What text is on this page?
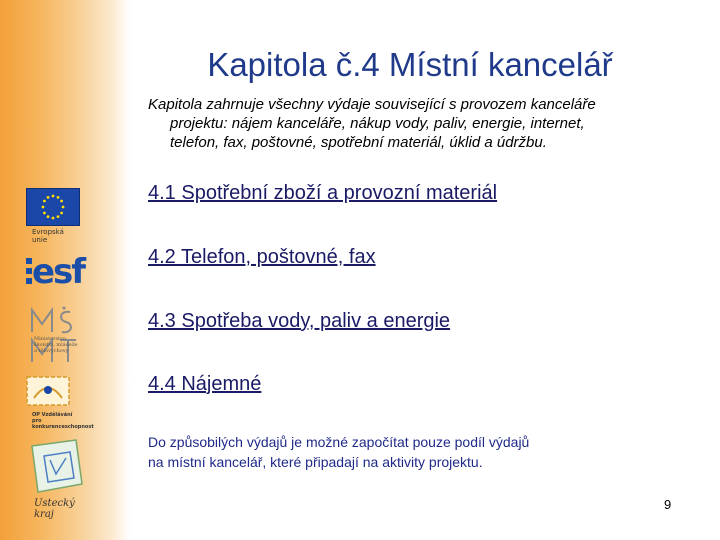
Evropská
unie
esf
Ministerstvo
školství, mládeže
a tělovýchovy
OP Vzdělávání
pro konkurenceschopnost
Ustecký kraj
Kapitola č.4 Místní kancelář
Kapitola zahrnuje všechny výdaje související s provozem kanceláře
projektu: nájem kanceláře, nákup vody, paliv, energie, internet,
telefon, fax, poštovné, spotřební materiál, úklid a údržbu.
4.1 Spotřební zboží a provozní materiál
4.2 Telefon, poštovné, fax
4.3 Spotřeba vody, paliv a energie
4.4 Nájemné
Do způsobilých výdajů je možné započítat pouze podíl výdajů
na místní kancelář, které připadají na aktivity projektu.
9
